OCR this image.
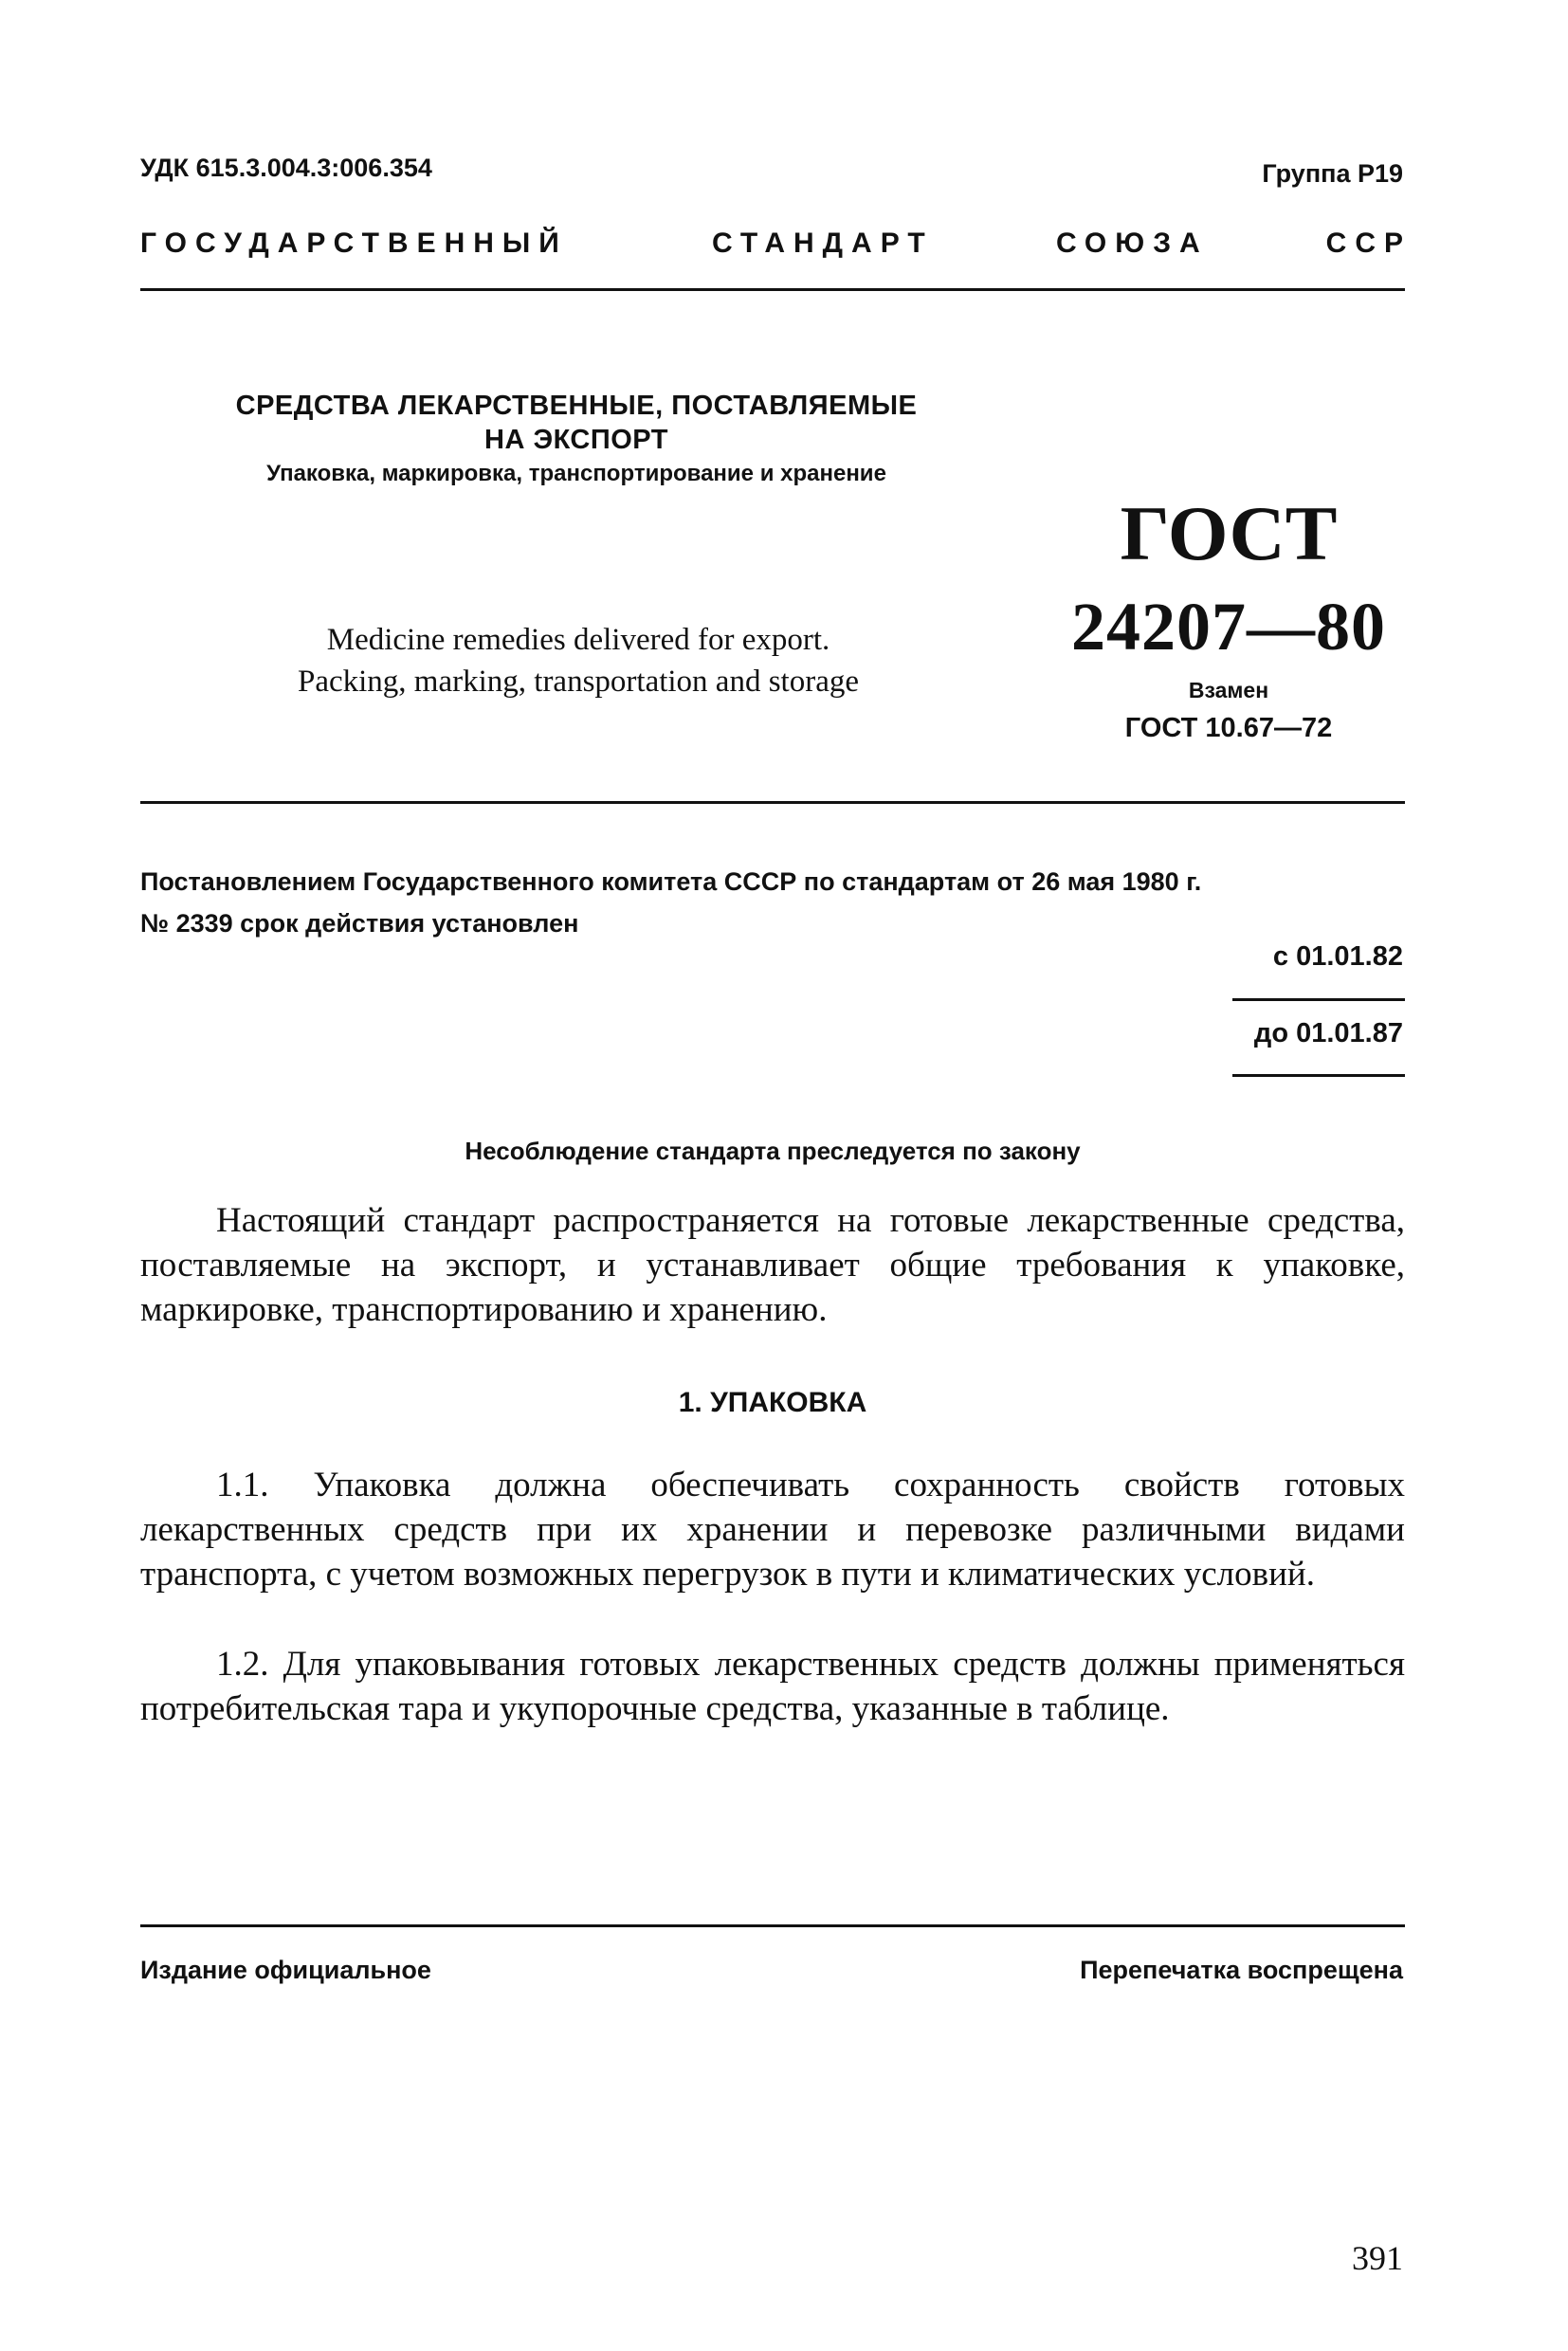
УДК 615.3.004.3:006.354	Группа Р19
ГОСУДАРСТВЕННЫЙ	СТАНДАРТ	СОЮЗА	ССР
СРЕДСТВА ЛЕКАРСТВЕННЫЕ, ПОСТАВЛЯЕМЫЕ
НА ЭКСПОРТ
Упаковка, маркировка, транспортирование и хранение
Medicine remedies delivered for export.
Packing, marking, transportation and storage
ГОСТ
24207—80
Взамен
ГОСТ 10.67—72
Постановлением Государственного комитета СССР по стандартам от 26 мая 1980 г.
№ 2339 срок действия установлен
с 01.01.82
до 01.01.87
Несоблюдение стандарта преследуется по закону
Настоящий стандарт распространяется на готовые лекарственные средства, поставляемые на экспорт, и устанавливает общие требования к упаковке, маркировке, транспортированию и хранению.
1. УПАКОВКА
1.1. Упаковка должна обеспечивать сохранность свойств готовых лекарственных средств при их хранении и перевозке различными видами транспорта, с учетом возможных перегрузок в пути и климатических условий.
1.2. Для упаковывания готовых лекарственных средств должны применяться потребительская тара и укупорочные средства, указанные в таблице.
Издание официальное	Перепечатка воспрещена
391
